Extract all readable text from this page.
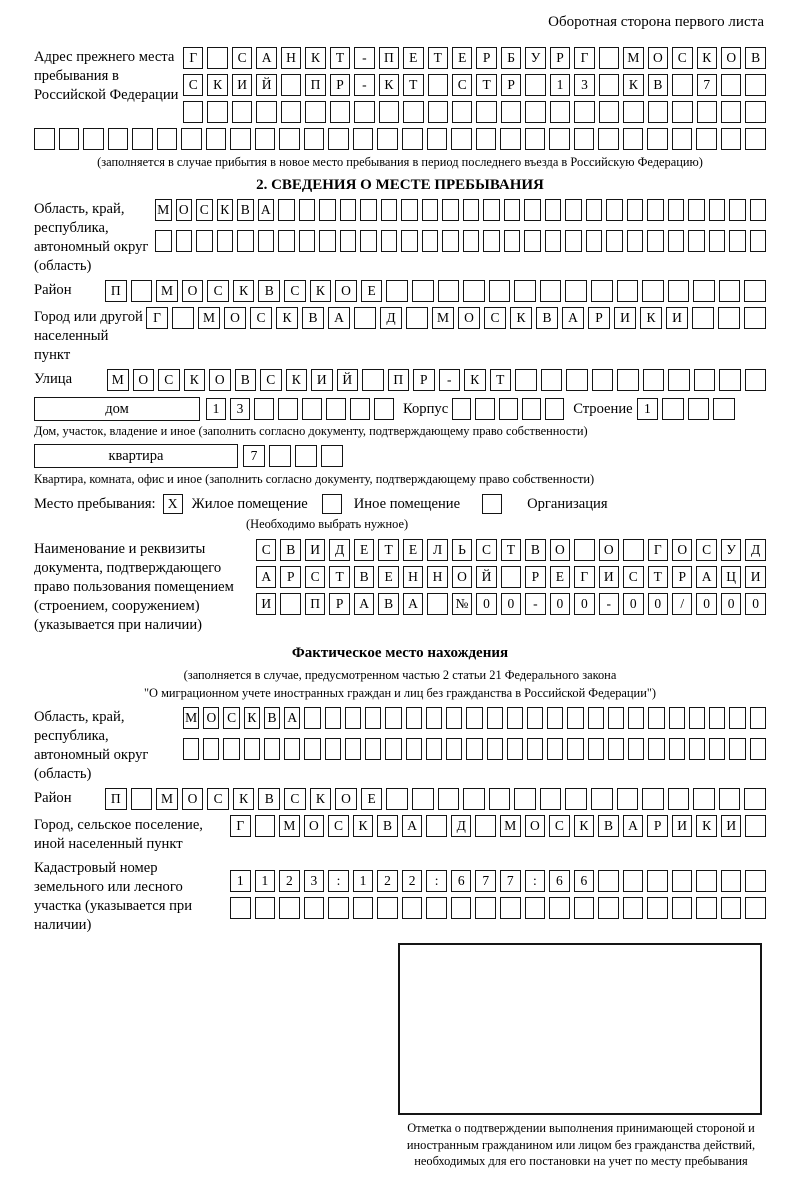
Оборотная сторона первого листа
Адрес прежнего места пребывания в Российской Федерации
Г	С	А	Н	К	Т	-	П	Е	Т	Е	Р	Б	У	Р	Г	М	О	С	К	О	В
С	К	И	Й	П	Р	-	К	Т	С	Т	Р	1	3	К	В	7
(заполняется в случае прибытия в новое место пребывания в период последнего въезда в Российскую Федерацию)
2. СВЕДЕНИЯ О МЕСТЕ ПРЕБЫВАНИЯ
Область, край, республика, автономный округ (область)
М О С К В А
Район	П	М	О	С	К	В	С	К	О	Е
Город или другой населенный пункт
Г	М	О	С	К	В	А	Д	М	О	С	К	В	А	Р	И	К	И
Улица	М	О	С	К	О	В	С	К	И	Й	П	Р	-	К	Т
дом	1	3	Корпус	Строение 1
Дом, участок, владение и иное (заполнить согласно документу, подтверждающему право собственности)
квартира	7
Квартира, комната, офис и иное (заполнить согласно документу, подтверждающему право собственности)
Место пребывания: X Жилое помещение	Иное помещение	Организация
(Необходимо выбрать нужное)
Наименование и реквизиты документа, подтверждающего право пользования помещением (строением, сооружением) (указывается при наличии)
С	В	И	Д	Е	Т	Е	Л	Ь	С	Т	В	О	О	Г	О	С	У	Д
А	Р	С	Т	В	Е	Н	Н	О	Й	Р	Е	Г	И	С	Т	Р	А	Ц	И
И	П	Р	А	В	А	№	0	0	-	0	0	-	0	0	/	0	0	0
Фактическое место нахождения
(заполняется в случае, предусмотренном частью 2 статьи 21 Федерального закона
"О миграционном учете иностранных граждан и лиц без гражданства в Российской Федерации")
Область, край, республика, автономный округ (область)
М О С К В А
Район	П	М	О	С	К	В	С	К	О	Е
Город, сельское поселение, иной населенный пункт
Г	М	О	С	К	В	А	Д	М	О	С	К	В	А	Р	И	К	И
Кадастровый номер земельного или лесного участка (указывается при наличии)
1	1	2	3	:	1	2	2	:	6	7	7	:	6	6
Отметка о подтверждении выполнения принимающей стороной и иностранным гражданином или лицом без гражданства действий, необходимых для его постановки на учет по месту пребывания
